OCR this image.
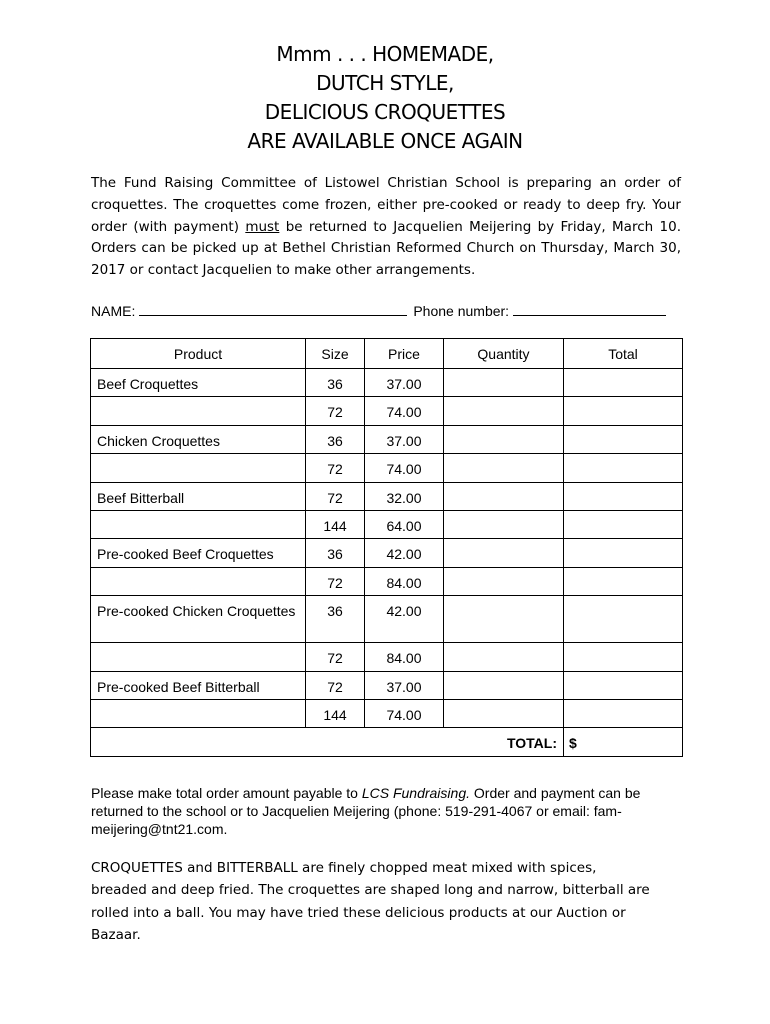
Mmm . . . HOMEMADE,
DUTCH STYLE,
DELICIOUS CROQUETTES
ARE AVAILABLE ONCE AGAIN

The Fund Raising Committee of Listowel Christian School is preparing an order of croquettes. The croquettes come frozen, either pre-cooked or ready to deep fry. Your order (with payment) must be returned to Jacquelien Meijering by Friday, March 10. Orders can be picked up at Bethel Christian Reformed Church on Thursday, March 30, 2017 or contact Jacquelien to make other arrangements.

NAME:	Phone number:
Product	Size	Price	Quantity	Total
Beef Croquettes	36	37.00		
	72	74.00		
Chicken Croquettes	36	37.00		
	72	74.00		
Beef Bitterball	72	32.00		
	144	64.00		
Pre-cooked Beef Croquettes	36	42.00		
	72	84.00		
Pre-cooked Chicken Croquettes	36	42.00		
	72	84.00		
Pre-cooked Beef Bitterball	72	37.00		
	144	74.00		
TOTAL:				$

Please make total order amount payable to LCS Fundraising. Order and payment can be returned to the school or to Jacquelien Meijering (phone: 519-291-4067 or email: fam-meijering@tnt21.com.

CROQUETTES and BITTERBALL are finely chopped meat mixed with spices,
breaded and deep fried. The croquettes are shaped long and narrow, bitterball are
rolled into a ball. You may have tried these delicious products at our Auction or
Bazaar.
